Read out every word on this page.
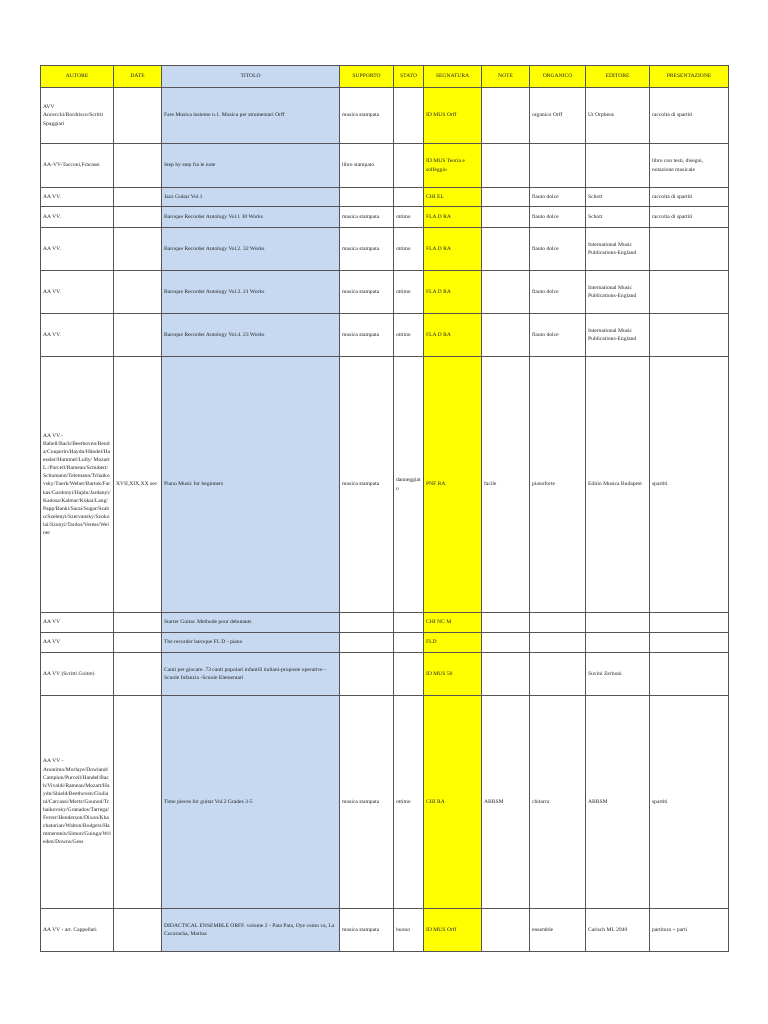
AUTORE	DATE	TITOLO	SUPPORTO	STATO	SEGNATURA	NOTE	ORGANICO	EDITORE	PRESENTAZIONE
AVV Ancecchi/Bordrisco/Scritti Spaggiari		Fare Musica insieme n.1. Musica per strumentari Orff	musica stampata		ID MUS Orff		organico Orff	Ut Orpheus	raccolta di spartiti
AA-VV-Tacconi,Fracassi		Step by step fra le note	libro stampato		ID MUS Teoria e solfeggio				libro con testi, disegni, notazione musicale
AA VV.		Jazz Guitar Vol.1			CHI EL		flauto dolce	Schott	raccolta di spartiti
AA VV.		Baroque Recorder Antology Vol.1 30 Works	musica stampata	ottimo	FLA D RA		flauto dolce	Schott	raccolta di spartiti
AA VV.		Baroque Recorder Antology Vol.2. 32 Works	musica stampata	ottimo	FLA D RA		flauto dolce	International Music Publications-England	
AA VV.		Baroque Recorder Antology Vol.3. 21 Works	musica stampata	ottimo	FLA D RA		flauto dolce	International Music Publications-England	
AA VV.		Baroque Recorder Antology Vol.4. 23 Works	musica stampata	ottimo	FLA D RA		flauto dolce	International Music Publications-England	
AA VV.- Babell/Bach/Beethoven/Benda/Couperin/Haydn/Händel/Haessler/Hummel/Lully/ Mozart L./Purcell/Rameau/Schubert/Schumann/Telemann/Tchaikovsky/Tuerk/Weber/Bartok/Farkas/Gardonyi/Hajdu/Jardanyi/Kadosa/Kalmar/Kokai/Lang/Papp/Ranki/Sarai/Sugar/Szabo/Szelenyi/Szervansky/Szokolai/Szonyi/Tardos/Veress/Weiner	XVII,XIX,XX sec	Piano Music for beginners	musica stampata	danneggiato	PNF RA	facile	pianoforte	Editio Musica Budapest	spartiti
AA VV		Starter Guitar. Methode pour debutants			CHI NC M				
AA VV		The recorder baroque FL D - piano			FLD				
AA VV (Scritti Goitre)		Canti per giocare. 73 canti popolari infantili italiani-proposte operative - Scuole Infanzia -Scuole Elementari			ID MUS 50			Suvini Zerboni	
AA VV - Anonimo/Morlaye/Dowland/Campion/Purcell/Handel/Bach/Vivaldi/Rameau/Mozart/Haydn/Shield/Beethoven/Giuliani/Carcassi/Mertz/Gounod/Tchaikovsky/Granados/Tarrega/Ferrer/Henderson/Dixon/Khachaturian/Walton/Rodgers/Hammerstein/Simon/Guinga/Wrieden/Downs/Gess		Time pieces for guitar Vol.2 Grades 3-5	musica stampata	ottimo	CHI RA	ABRSM	chitarra	ABRSM	spartiti
AA VV - arr. Cappellari		DIDACTICAL ENSEMBLE ORFF. volume 2 - Pata Pata, Oye como va, La Cucaracha, Marina	musica stampata	buono	ID MUS Orff		ensemble	Carisch ML 2940	partitura + parti
